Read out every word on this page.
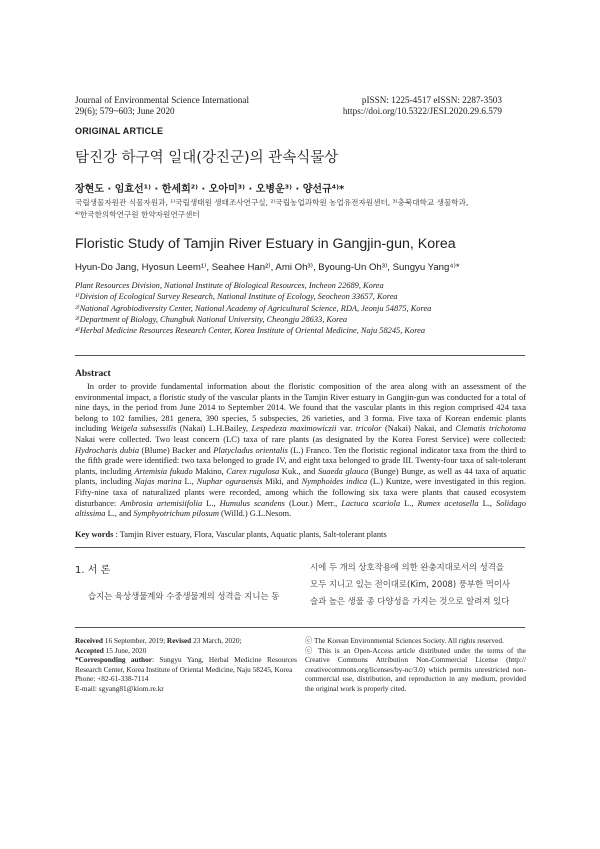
Journal of Environmental Science International
29(6); 579~603; June 2020
pISSN: 1225-4517 eISSN: 2287-3503
https://doi.org/10.5322/JESI.2020.29.6.579
ORIGINAL ARTICLE
탐진강 하구역 일대(강진군)의 관속식물상
장현도 · 임효선¹⁾ · 한세희²⁾ · 오아미³⁾ · 오병운³⁾ · 양선규⁴⁾*
국립생물자원관 식물자원과, ¹⁾국립생태원 생태조사연구실, ²⁾국립농업과학원 농업유전자원센터, ³⁾충북대학교 생물학과,
⁴⁾한국한의학연구원 한약자원연구센터
Floristic Study of Tamjin River Estuary in Gangjin-gun, Korea
Hyun-Do Jang, Hyosun Leem¹⁾, Seahee Han²⁾, Ami Oh³⁾, Byoung-Un Oh³⁾, Sungyu Yang⁴⁾*
Plant Resources Division, National Institute of Biological Resources, Incheon 22689, Korea
¹⁾Division of Ecological Survey Research, National Institute of Ecology, Seocheon 33657, Korea
²⁾National Agrobiodiversity Center, National Academy of Agricultural Science, RDA, Jeonju 54875, Korea
³⁾Department of Biology, Chungbuk National University, Cheongju 28633, Korea
⁴⁾Herbal Medicine Resources Research Center, Korea Institute of Oriental Medicine, Naju 58245, Korea
Abstract
In order to provide fundamental information about the floristic composition of the area along with an assessment of the environmental impact, a floristic study of the vascular plants in the Tamjin River estuary in Gangjin-gun was conducted for a total of nine days, in the period from June 2014 to September 2014. We found that the vascular plants in this region comprised 424 taxa belong to 102 families, 281 genera, 390 species, 5 subspecies, 26 varieties, and 3 forma. Five taxa of Korean endemic plants including Weigela subsessilis (Nakai) L.H.Bailey, Lespedeza maximowiczii var. tricolor (Nakai) Nakai, and Clematis trichotoma Nakai were collected. Two least concern (LC) taxa of rare plants (as designated by the Korea Forest Service) were collected: Hydrocharis dubia (Blume) Backer and Platycladus orientalis (L.) Franco. Ten the floristic regional indicator taxa from the third to the fifth grade were identified: two taxa belonged to grade IV, and eight taxa belonged to grade III. Twenty-four taxa of salt-tolerant plants, including Artemisia fukudo Makino, Carex rugulosa Kuk., and Suaeda glauca (Bunge) Bunge, as well as 44 taxa of aquatic plants, including Najas marina L., Nuphar oguraensis Miki, and Nymphoides indica (L.) Kuntze, were investigated in this region. Fifty-nine taxa of naturalized plants were recorded, among which the following six taxa were plants that caused ecosystem disturbance: Ambrosia artemisiifolia L., Humulus scandens (Lour.) Merr., Lactuca scariola L., Rumex acetosella L., Solidago altissima L., and Symphyotrichum pilosum (Willd.) G.L.Nesom.
Key words : Tamjin River estuary, Flora, Vascular plants, Aquatic plants, Salt-tolerant plants
1. 서 론
습지는 육상생물계와 수중생물계의 성격을 지니는 동
시에 두 개의 상호작용에 의한 완충지대로서의 성격을
모두 지니고 있는 전이대로(Kim, 2008) 풍부한 먹이사
슬과 높은 생물 종 다양성을 가지는 것으로 알려져 있다
Received 16 September, 2019; Revised 23 March, 2020;
Accepted 15 June, 2020
*Corresponding author: Sungyu Yang, Herbal Medicine Resources Research Center, Korea Institute of Oriental Medicine, Naju 58245, Korea
Phone: +82-61-338-7114
E-mail: sgyang81@kiom.re.kr
ⓒ The Korean Environmental Sciences Society. All rights reserved.
ⓒ This is an Open-Access article distributed under the terms of the Creative Commons Attribution Non-Commercial License (http:// creativecommons.org/licenses/by-nc/3.0) which permits unrestricted non-commercial use, distribution, and reproduction in any medium, provided the original work is properly cited.
